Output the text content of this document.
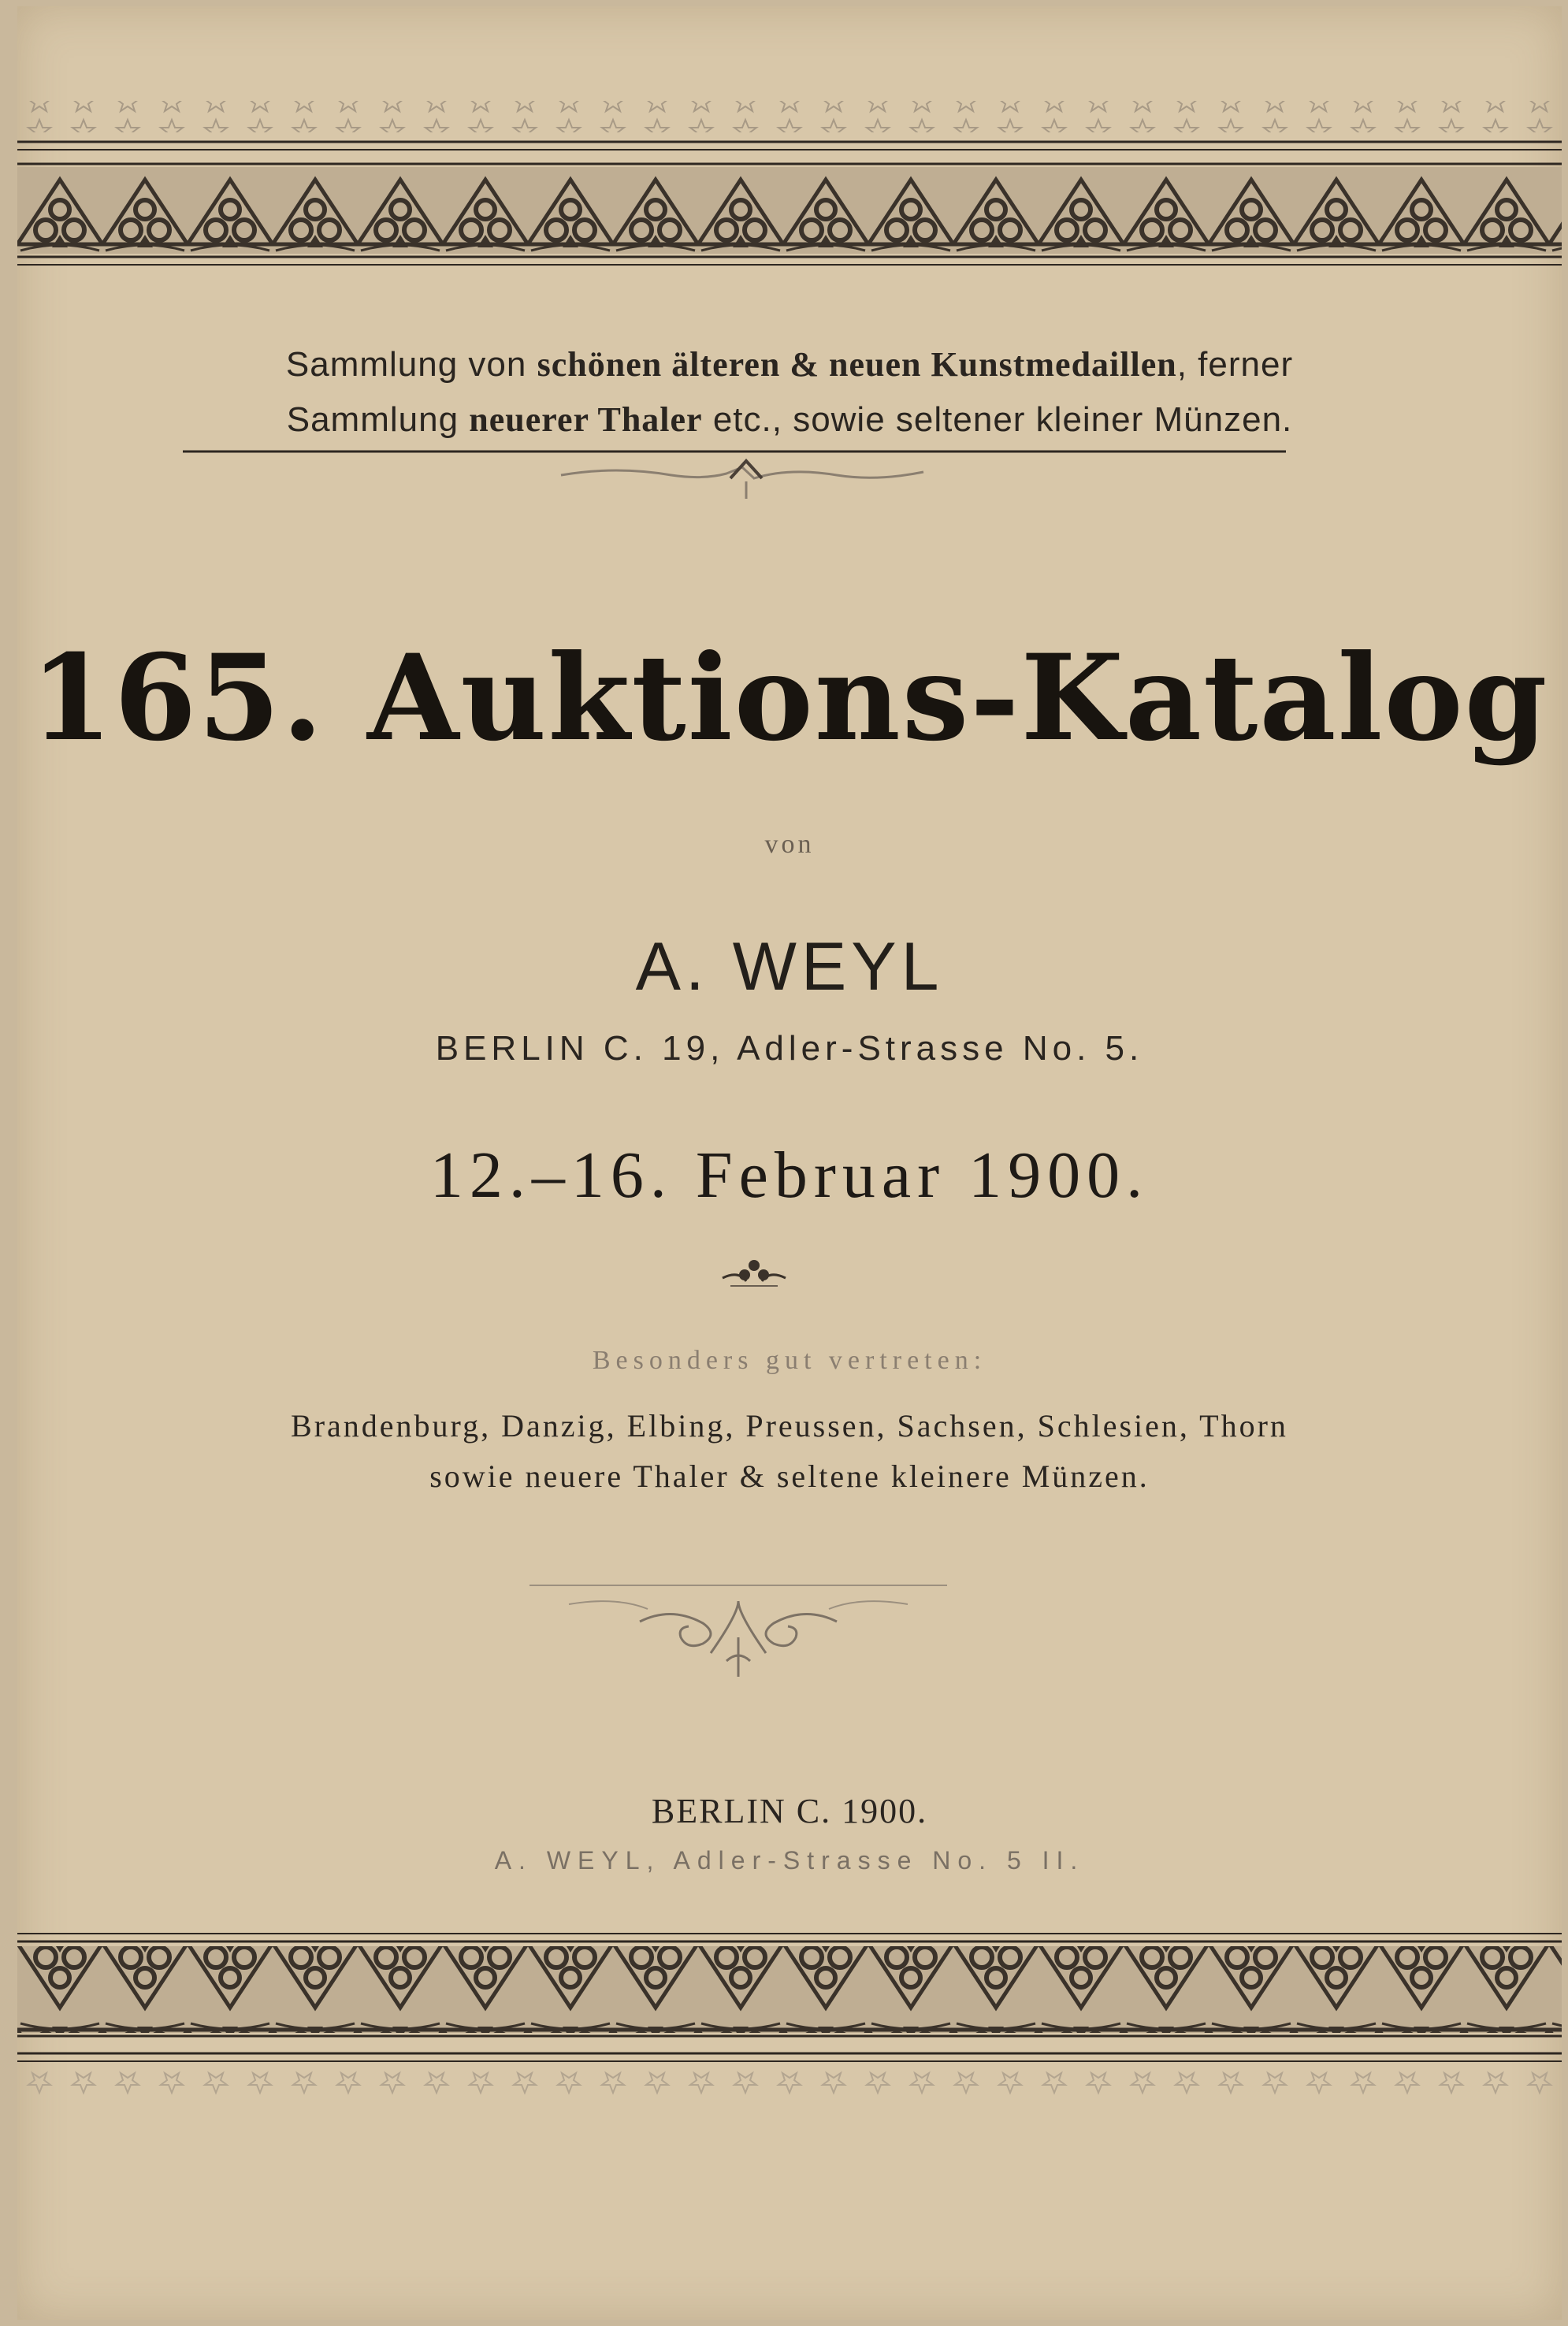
Sammlung von schönen älteren & neuen Kunstmedaillen, ferner
Sammlung neuerer Thaler etc., sowie seltener kleiner Münzen.
165. Auktions-Katalog
von
A. WEYL
BERLIN C. 19, Adler-Strasse No. 5.
12.–16. Februar 1900.
Besonders gut vertreten:
Brandenburg, Danzig, Elbing, Preussen, Sachsen, Schlesien, Thorn
sowie neuere Thaler & seltene kleinere Münzen.
BERLIN C. 1900.
A. WEYL, Adler-Strasse No. 5 II.
